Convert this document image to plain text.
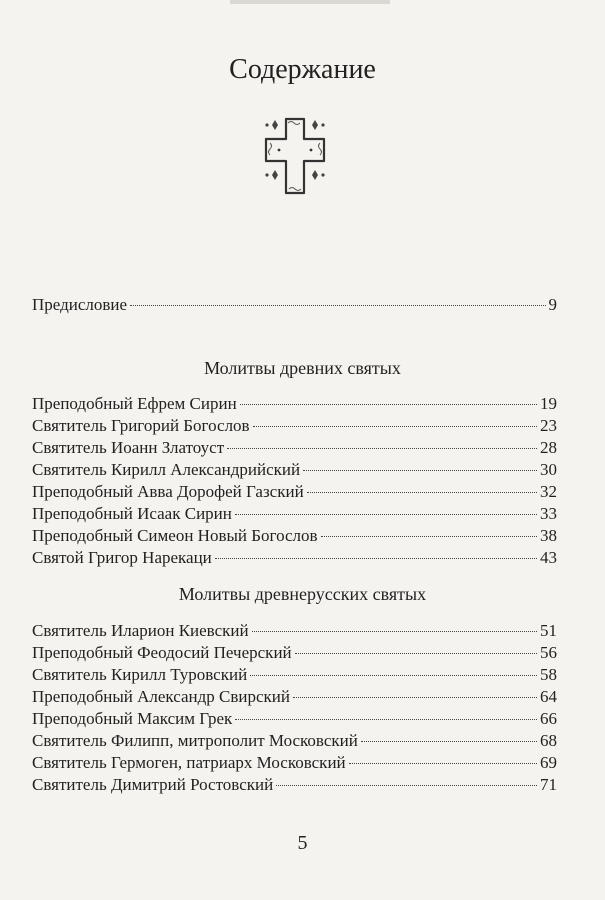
Содержание
Предисловие	9
Молитвы древних святых
Преподобный Ефрем Сирин	19
Святитель Григорий Богослов	23
Святитель Иоанн Златоуст	28
Святитель Кирилл Александрийский	30
Преподобный Авва Дорофей Газский	32
Преподобный Исаак Сирин	33
Преподобный Симеон Новый Богослов	38
Святой Григор Нарекаци	43
Молитвы древнерусских святых
Святитель Иларион Киевский	51
Преподобный Феодосий Печерский	56
Святитель Кирилл Туровский	58
Преподобный Александр Свирский	64
Преподобный Максим Грек	66
Святитель Филипп, митрополит Московский	68
Святитель Гермоген, патриарх Московский	69
Святитель Димитрий Ростовский	71
5
